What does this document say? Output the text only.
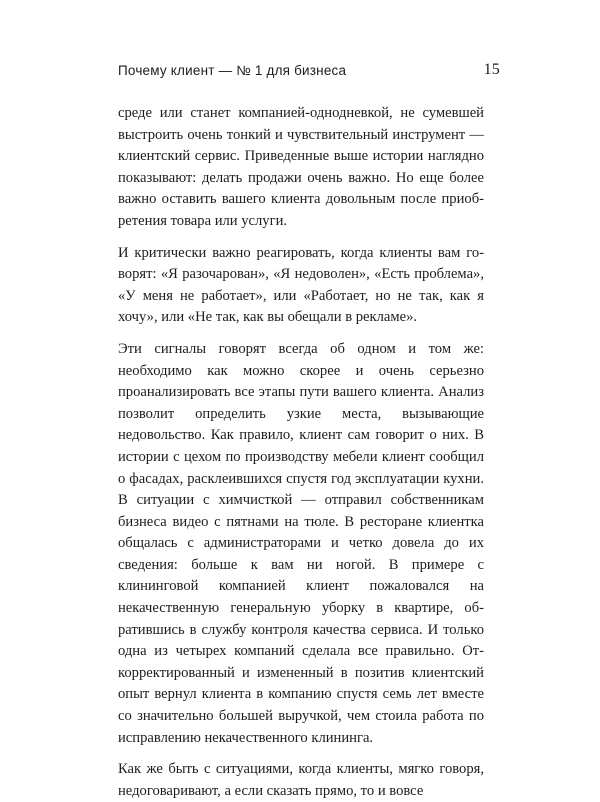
Почему клиент — № 1 для бизнеса	15

среде или станет компанией-однодневкой, не сумевшей выстроить очень тонкий и чувствительный инструмент — клиентский сервис. Приведенные выше истории наглядно показывают: делать продажи очень важно. Но еще более важно оставить вашего клиента довольным после приобретения товара или услуги.

И критически важно реагировать, когда клиенты вам говорят: «Я разочарован», «Я недоволен», «Есть проблема», «У меня не работает», или «Работает, но не так, как я хочу», или «Не так, как вы обещали в рекламе».

Эти сигналы говорят всегда об одном и том же: необходимо как можно скорее и очень серьезно проанализировать все этапы пути вашего клиента. Анализ позволит определить узкие места, вызывающие недовольство. Как правило, клиент сам говорит о них. В истории с цехом по производству мебели клиент сообщил о фасадах, расклеившихся спустя год эксплуатации кухни. В ситуации с химчисткой — отправил собственникам бизнеса видео с пятнами на тюле. В ресторане клиентка общалась с администраторами и четко довела до их сведения: больше к вам ни ногой. В примере с клининговой компанией клиент пожаловался на некачественную генеральную уборку в квартире, обратившись в службу контроля качества сервиса. И только одна из четырех компаний сделала все правильно. Откорректированный и измененный в позитив клиентский опыт вернул клиента в компанию спустя семь лет вместе со значительно большей выручкой, чем стоила работа по исправлению некачественного клининга.

Как же быть с ситуациями, когда клиенты, мягко говоря, недоговаривают, а если сказать прямо, то и вовсе
